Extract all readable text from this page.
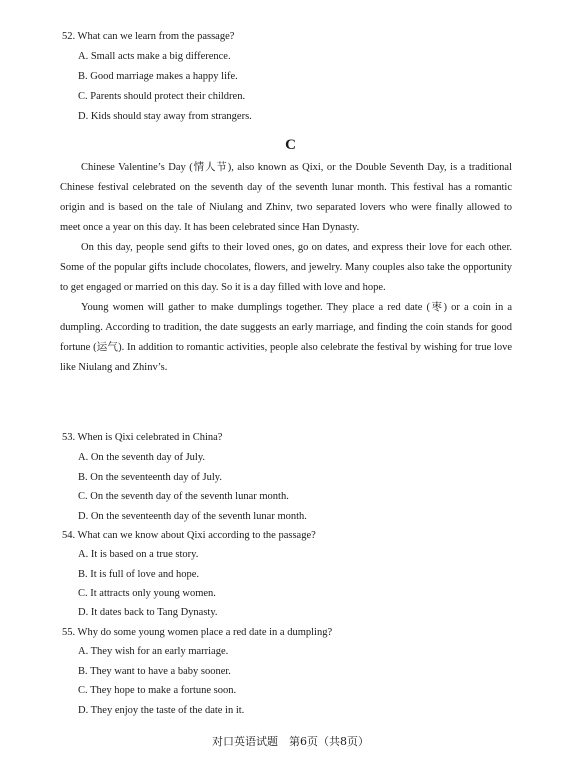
52. What can we learn from the passage?
A. Small acts make a big difference.
B. Good marriage makes a happy life.
C. Parents should protect their children.
D. Kids should stay away from strangers.
C

Chinese Valentine’s Day (情人节), also known as Qixi, or the Double Seventh Day, is a traditional Chinese festival celebrated on the seventh day of the seventh lunar month. This festival has a romantic origin and is based on the tale of Niulang and Zhinv, two separated lovers who were finally allowed to meet once a year on this day. It has been celebrated since Han Dynasty.

On this day, people send gifts to their loved ones, go on dates, and express their love for each other. Some of the popular gifts include chocolates, flowers, and jewelry. Many couples also take the opportunity to get engaged or married on this day. So it is a day filled with love and hope.

Young women will gather to make dumplings together. They place a red date (枣) or a coin in a dumpling. According to tradition, the date suggests an early marriage, and finding the coin stands for good fortune (运气). In addition to romantic activities, people also celebrate the festival by wishing for true love like Niulang and Zhinv’s.

53. When is Qixi celebrated in China?
A. On the seventh day of July.
B. On the seventeenth day of July.
C. On the seventh day of the seventh lunar month.
D. On the seventeenth day of the seventh lunar month.
54. What can we know about Qixi according to the passage?
A. It is based on a true story.
B. It is full of love and hope.
C. It attracts only young women.
D. It dates back to Tang Dynasty.
55. Why do some young women place a red date in a dumpling?
A. They wish for an early marriage.
B. They want to have a baby sooner.
C. They hope to make a fortune soon.
D. They enjoy the taste of the date in it.
对口英语试题　第6页（共8页）
